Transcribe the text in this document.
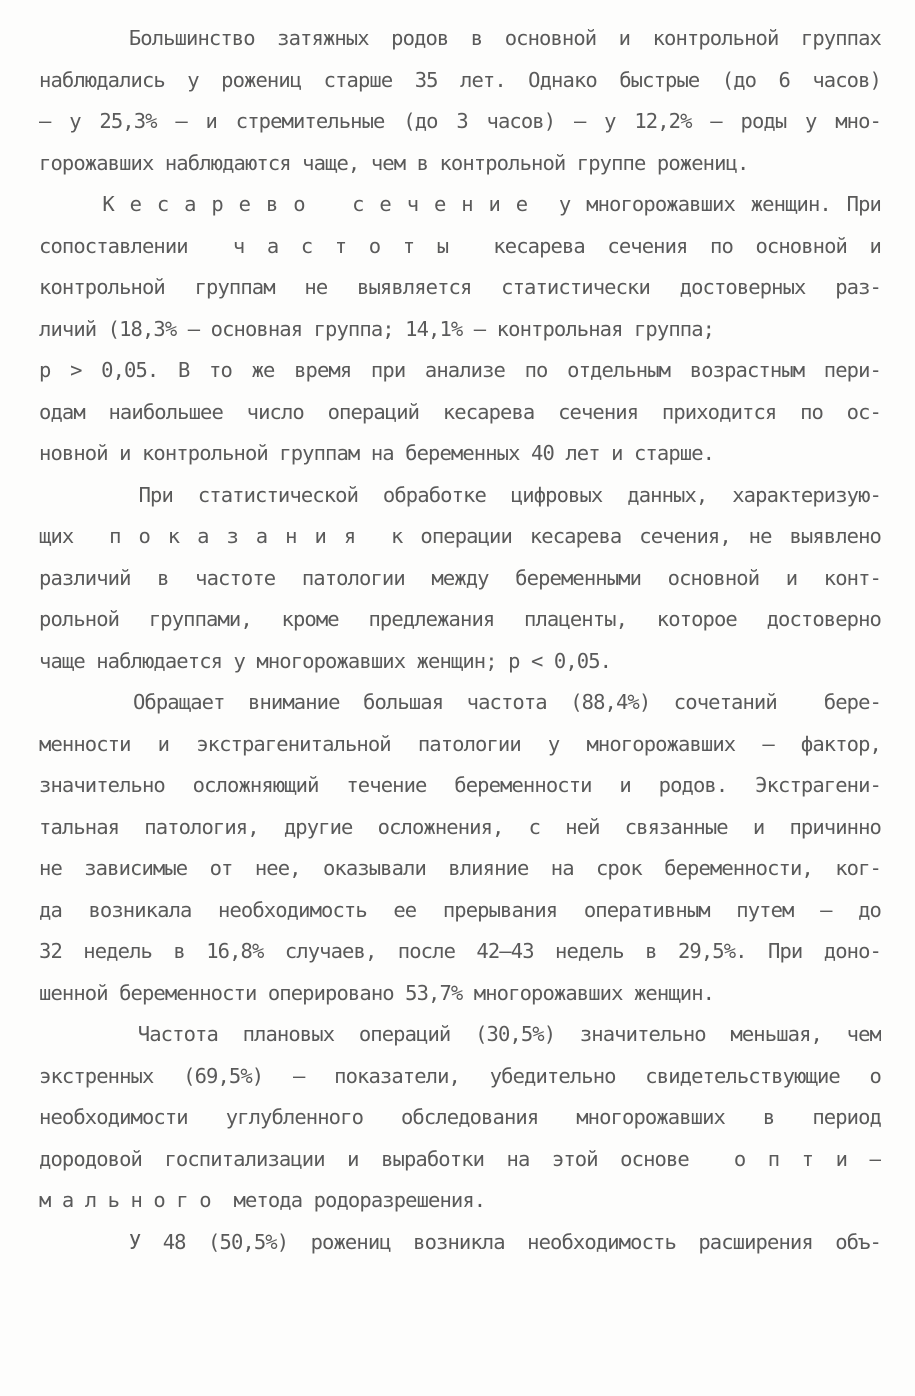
Большинство затяжных родов в основной и контрольной группах
наблюдались у рожениц старше 35 лет. Однако быстрые (до 6 часов)
– у 25,3% – и стремительные (до 3 часов) – у 12,2% – роды у мно-
горожавших наблюдаются чаще, чем в контрольной группе рожениц.
К е с а р е в о   с е ч е н и е  у многорожавших женщин. При
сопоставлении  ч а с т о т ы  кесарева сечения по основной и
контрольной группам не выявляется статистически достоверных раз-
личий (18,3% – основная группа; 14,1% – контрольная группа;
р > 0,05. В то же время при анализе по отдельным возрастным пери-
одам наибольшее число операций кесарева сечения приходится по ос-
новной и контрольной группам на беременных 40 лет и старше.
При статистической обработке цифровых данных, характеризую-
щих  п о к а з а н и я  к операции кесарева сечения, не выявлено
различий в частоте патологии между беременными основной и конт-
рольной группами, кроме предлежания плаценты, которое достоверно
чаще наблюдается у многорожавших женщин; р < 0,05.
Обращает внимание большая частота (88,4%) сочетаний  бере-
менности и экстрагенитальной патологии у многорожавших – фактор,
значительно осложняющий течение беременности и родов. Экстрагени-
тальная патология, другие осложнения, с ней связанные и причинно
не зависимые от нее, оказывали влияние на срок беременности, ког-
да возникала необходимость ее прерывания оперативным путем – до
32 недель в 16,8% случаев, после 42–43 недель в 29,5%. При доно-
шенной беременности оперировано 53,7% многорожавших женщин.
Частота плановых операций (30,5%) значительно меньшая, чем
экстренных (69,5%) – показатели, убедительно свидетельствующие о
необходимости углубленного обследования многорожавших в период
дородовой госпитализации и выработки на этой основе  о п т и –
м а л ь н о г о  метода родоразрешения.
У 48 (50,5%) рожениц возникла необходимость расширения объ-
